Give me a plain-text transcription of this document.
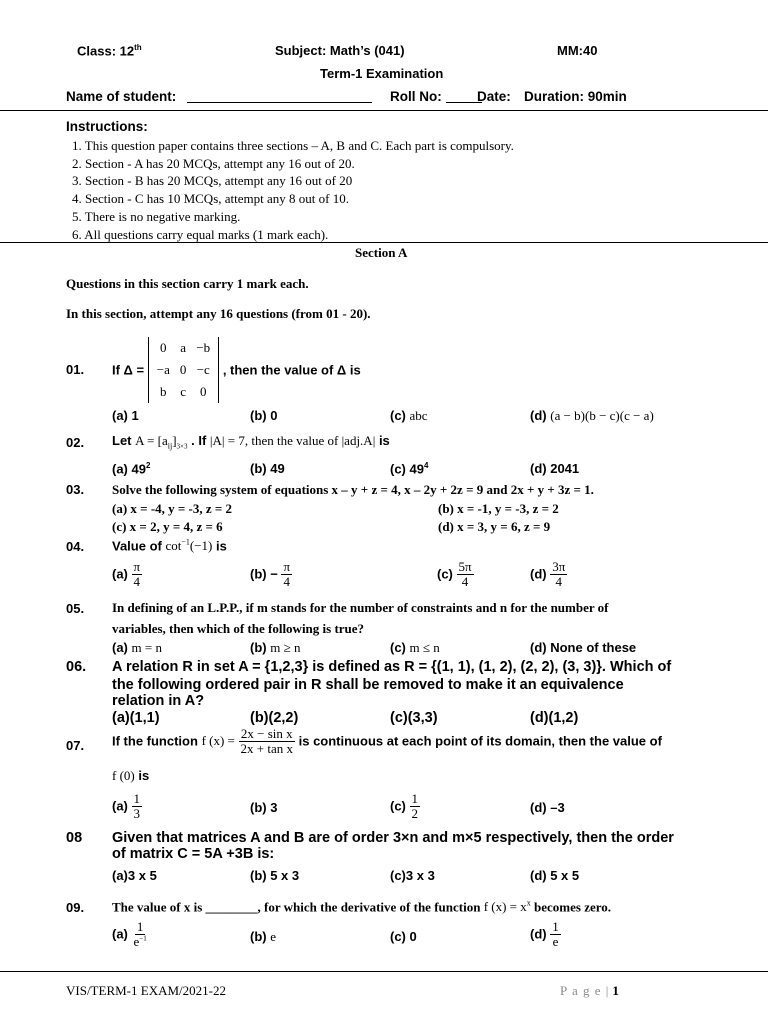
Class: 12th	Subject: Math’s (041)	MM:40
Term-1 Examination
Name of student:	Roll No:	Date: Duration: 90min
Instructions:
1. This question paper contains three sections – A, B and C. Each part is compulsory.
2. Section - A has 20 MCQs, attempt any 16 out of 20.
3. Section - B has 20 MCQs, attempt any 16 out of 20
4. Section - C has 10 MCQs, attempt any 8 out of 10.
5. There is no negative marking.
6. All questions carry equal marks (1 mark each).
Section A
Questions in this section carry 1 mark each.
In this section, attempt any 16 questions (from 01 - 20).
01. If Δ =
0	a	−b
−a	0	−c
b	c	0
, then the value of Δ is
(a) 1	(b) 0	(c) abc	(d) (a − b)(b − c)(c − a)
02. Let $A = [a_{ij}]_{3\times 3}$ . If |A| = 7, then the value of |adj.A| is
(a) $49^2$	(b) 49	(c) $49^4$	(d) 2041
03. Solve the following system of equations x – y + z = 4, x – 2y + 2z = 9 and 2x + y + 3z = 1.
(a) x = -4, y = -3, z = 2	(b) x = -1, y = -3, z = 2
(c) x = 2, y = 4, z = 6	(d) x = 3, y = 6, z = 9
04. Value of $\cot^{-1}(-1)$ is
$(a) \frac{\pi}{4}$	$(b) - \frac{\pi}{4}$	$(c) \frac{5\pi}{4}$	$(d) \frac{3\pi}{4}$
05. In defining of an L.P.P., if m stands for the number of constraints and n for the number of
variables, then which of the following is true?
(a) m = n	(b) m ≥ n	(c) m ≤ n	(d) None of these
06. A relation R in set A = {1,2,3} is defined as R = {(1, 1), (1, 2), (2, 2), (3, 3)}. Which of
the following ordered pair in R shall be removed to make it an equivalence
relation in A?
(a)(1,1)	(b)(2,2)	(c)(3,3)	(d)(1,2)
07. If the function f $(x) = \frac{\text{2x − sin x}}{\text{2x + tan x}}$ is continuous at each point of its domain, then the value of
f (0) is
$(a) \frac{1}{3}$	(b) 3	$(c) \frac{1}{2}$	(d) –3
08 Given that matrices A and B are of order 3×n and m×5 respectively, then the order
of matrix C = 5A +3B is:
(a)3 x 5	(b) 5 x 3	(c)3 x 3	(d) 5 x 5
09. The value of x is ________, for which the derivative of the function f $(x) = x^x$ becomes zero.
$(a) \frac{1}{e^{-1}}$	(b) e	(c) 0	$(d) \frac{1}{e}$
VIS/TERM-1 EXAM/2021-22	P a g e | 1
